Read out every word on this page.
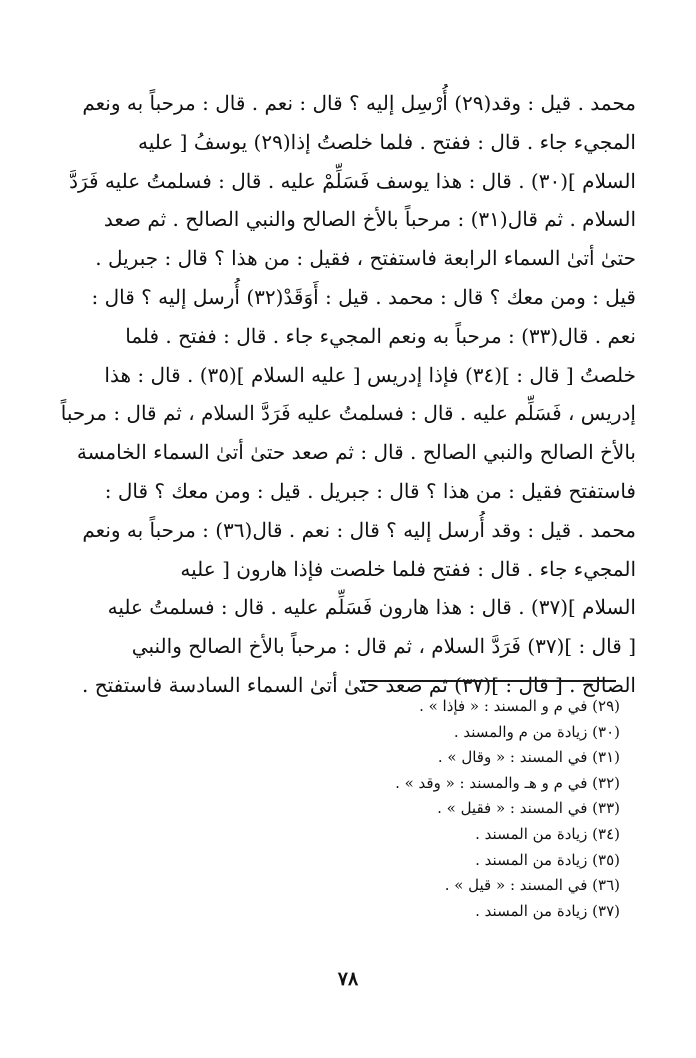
محمد . قيل : وقد(٢٩) أُرْسِل إليه ؟ قال : نعم . قال : مرحباً به ونعم
المجيء جاء . قال : ففتح . فلما خلصتُ إذا(٢٩) يوسفُ [ عليه
السلام ](٣٠) . قال : هذا يوسف فَسَلِّمْ عليه . قال : فسلمتُ عليه فَرَدَّ
السلام . ثم قال(٣١) : مرحباً بالأخ الصالح والنبي الصالح . ثم صعد
حتىٰ أتىٰ السماء الرابعة فاستفتح ، فقيل : من هذا ؟ قال : جبريل .
قيل : ومن معك ؟ قال : محمد . قيل : أَوَقَدْ(٣٢) أُرسل إليه ؟ قال :
نعم . قال(٣٣) : مرحباً به ونعم المجيء جاء . قال : ففتح . فلما
خلصتُ [ قال : ](٣٤) فإذا إدريس [ عليه السلام ](٣٥) . قال : هذا
إدريس ، فَسَلِّم عليه . قال : فسلمتُ عليه فَرَدَّ السلام ، ثم قال : مرحباً
بالأخ الصالح والنبي الصالح . قال : ثم صعد حتىٰ أتىٰ السماء الخامسة
فاستفتح فقيل : من هذا ؟ قال : جبريل . قيل : ومن معك ؟ قال :
محمد . قيل : وقد أُرسل إليه ؟ قال : نعم . قال(٣٦) : مرحباً به ونعم
المجيء جاء . قال : ففتح فلما خلصت فإذا هارون [ عليه
السلام ](٣٧) . قال : هذا هارون فَسَلِّم عليه . قال : فسلمتُ عليه
[ قال : ](٣٧) فَرَدَّ السلام ، ثم قال : مرحباً بالأخ الصالح والنبي
الصالح . [ قال : ](٣٧) ثم صعد حتىٰ أتىٰ السماء السادسة فاستفتح .
(٢٩) في م و المسند : « فإذا » .
(٣٠) زيادة من م والمسند .
(٣١) في المسند : « وقال » .
(٣٢) في م و هـ والمسند : « وقد » .
(٣٣) في المسند : « فقيل » .
(٣٤) زيادة من المسند .
(٣٥) زيادة من المسند .
(٣٦) في المسند : « قيل » .
(٣٧) زيادة من المسند .
٧٨
